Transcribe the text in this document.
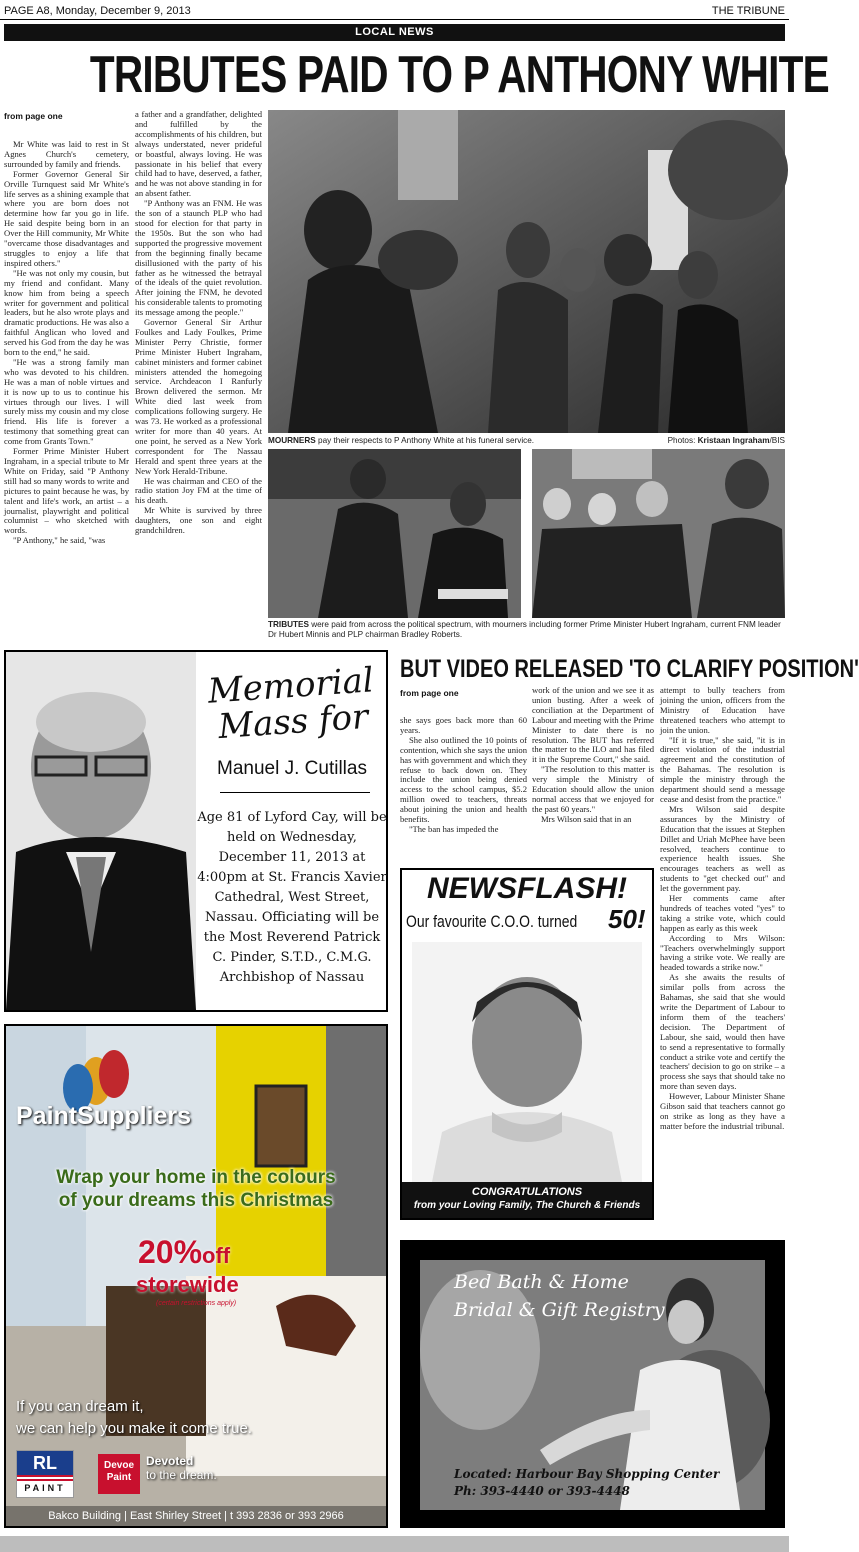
PAGE A8, Monday, December 9, 2013	THE TRIBUNE
LOCAL NEWS
TRIBUTES PAID TO P ANTHONY WHITE
from page one

Mr White was laid to rest in St Agnes Church's cemetery, surrounded by family and friends.

Former Governor General Sir Orville Turnquest said Mr White's life serves as a shining example that where you are born does not determine how far you go in life. He said despite being born in an Over the Hill community, Mr White "overcame those disadvantages and struggles to enjoy a life that inspired others."

"He was not only my cousin, but my friend and confidant. Many know him from being a speech writer for government and political leaders, but he also wrote plays and dramatic productions. He was also a faithful Anglican who loved and served his God from the day he was born to the end," he said.

"He was a strong family man who was devoted to his children. He was a man of noble virtues and it is now up to us to continue his virtues through our lives. I will surely miss my cousin and my close friend. His life is forever a testimony that something great can come from Grants Town."

Former Prime Minister Hubert Ingraham, in a special tribute to Mr White on Friday, said "P Anthony still had so many words to write and pictures to paint because he was, by talent and life's work, an artist – a journalist, playwright and political columnist – who sketched with words.

"P Anthony," he said, "was

a father and a grandfather, delighted and fulfilled by the accomplishments of his children, but always understated, never prideful or boastful, always loving. He was passionate in his belief that every child had to have, deserved, a father, and he was not above standing in for an absent father.

"P Anthony was an FNM. He was the son of a staunch PLP who had stood for election for that party in the 1950s. But the son who had supported the progressive movement from the beginning finally became disillusioned with the party of his father as he witnessed the betrayal of the ideals of the quiet revolution. After joining the FNM, he devoted his considerable talents to promoting its message among the people."

Governor General Sir Arthur Foulkes and Lady Foulkes, Prime Minister Perry Christie, former Prime Minister Hubert Ingraham, cabinet ministers and former cabinet ministers attended the homegoing service. Archdeacon I Ranfurly Brown delivered the sermon. Mr White died last week from complications following surgery. He was 73. He worked as a professional writer for more than 40 years. At one point, he served as a New York correspondent for The Nassau Herald and spent three years at the New York Herald-Tribune.

He was chairman and CEO of the radio station Joy FM at the time of his death.

Mr White is survived by three daughters, one son and eight grandchildren.

MOURNERS pay their respects to P Anthony White at his funeral service.	Photos: Kristaan Ingraham/BIS
TRIBUTES were paid from across the political spectrum, with mourners including former Prime Minister Hubert Ingraham, current FNM leader Dr Hubert Minnis and PLP chairman Bradley Roberts.
Memorial
Mass for
Manuel J. Cutillas
Age 81 of Lyford Cay, will be held on Wednesday, December 11, 2013 at 4:00pm at St. Francis Xavier Cathedral, West Street, Nassau. Officiating will be the Most Reverend Patrick C. Pinder, S.T.D., C.M.G. Archbishop of Nassau
BUT VIDEO RELEASED 'TO CLARIFY POSITION'
from page one

she says goes back more than 60 years.

She also outlined the 10 points of contention, which she says the union has with government and which they refuse to back down on. They include the union being denied access to the school campus, $5.2 million owed to teachers, threats about joining the union and health benefits.

"The ban has impeded the

work of the union and we see it as union busting. After a week of conciliation at the Department of Labour and meeting with the Prime Minister to date there is no resolution. The BUT has referred the matter to the ILO and has filed it in the Supreme Court," she said.

"The resolution to this matter is very simple the Ministry of Education should allow the union normal access that we enjoyed for the past 60 years."

Mrs Wilson said that in an

attempt to bully teachers from joining the union, officers from the Ministry of Education have threatened teachers who attempt to join the union.

"If it is true," she said, "it is in direct violation of the industrial agreement and the constitution of the Bahamas. The resolution is simple the ministry through the department should send a message cease and desist from the practice."

Mrs Wilson said despite assurances by the Ministry of Education that the issues at Stephen Dillet and Uriah McPhee have been resolved, teachers continue to experience health issues. She encourages teachers as well as students to "get checked out" and let the government pay.

Her comments came after hundreds of teaches voted "yes" to taking a strike vote, which could happen as early as this week

According to Mrs Wilson: "Teachers overwhelmingly support having a strike vote. We really are headed towards a strike now."

As she awaits the results of similar polls from across the Bahamas, she said that she would write the Department of Labour to inform them of the teachers' decision. The Department of Labour, she said, would then have to send a representative to formally conduct a strike vote and certify the teachers' decision to go on strike – a process she says that should take no more than seven days.

However, Labour Minister Shane Gibson said that teachers cannot go on strike as long as they have a matter before the industrial tribunal.

NEWSFLASH!
Our favourite C.O.O. turned 50!
CONGRATULATIONS
from your Loving Family, The Church & Friends
PaintSuppliers
Wrap your home in the colours
of your dreams this Christmas
20%off
storewide
(certain restrictions apply)
If you can dream it,
we can help you make it come true.
RL
PAINT
Devoe Paint
Devoted
to the dream.
Bakco Building | East Shirley Street | t 393 2836 or 393 2966
Bed Bath & Home
Bridal & Gift Registry
Located: Harbour Bay Shopping Center
Ph: 393-4440 or 393-4448
